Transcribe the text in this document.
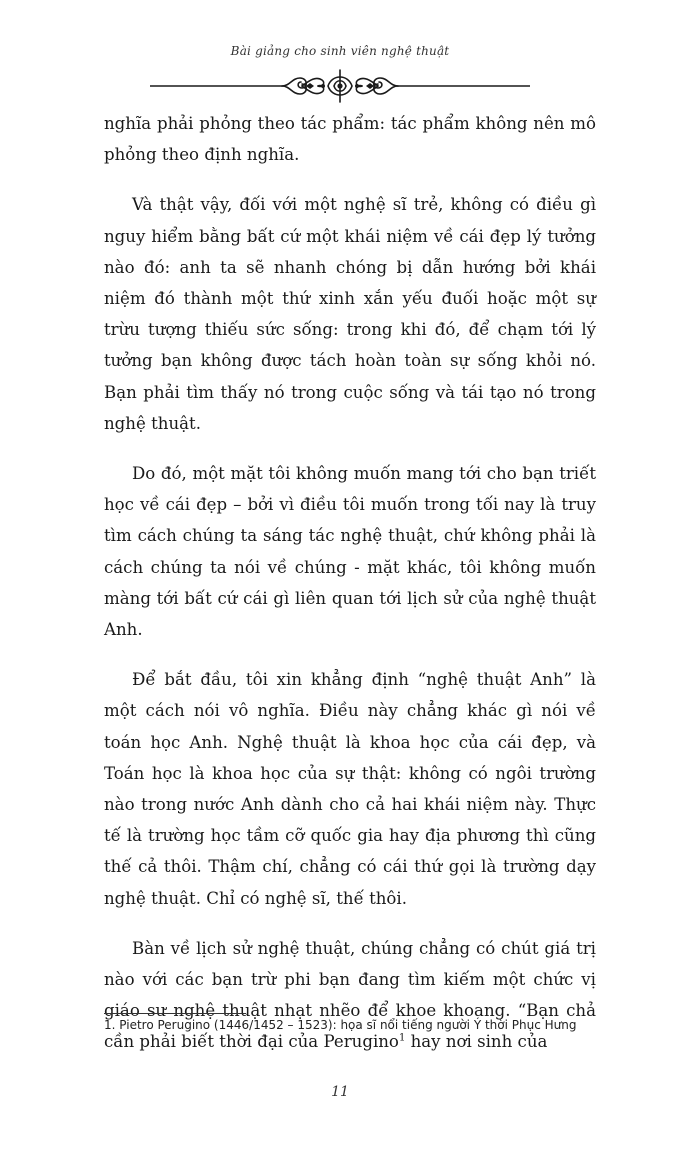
Bài giảng cho sinh viên nghệ thuật

nghĩa phải phỏng theo tác phẩm: tác phẩm không nên mô phỏng theo định nghĩa.

Và thật vậy, đối với một nghệ sĩ trẻ, không có điều gì nguy hiểm bằng bất cứ một khái niệm về cái đẹp lý tưởng nào đó: anh ta sẽ nhanh chóng bị dẫn hướng bởi khái niệm đó thành một thứ xinh xắn yếu đuối hoặc một sự trừu tượng thiếu sức sống: trong khi đó, để chạm tới lý tưởng bạn không được tách hoàn toàn sự sống khỏi nó. Bạn phải tìm thấy nó trong cuộc sống và tái tạo nó trong nghệ thuật.

Do đó, một mặt tôi không muốn mang tới cho bạn triết học về cái đẹp – bởi vì điều tôi muốn trong tối nay là truy tìm cách chúng ta sáng tác nghệ thuật, chứ không phải là cách chúng ta nói về chúng - mặt khác, tôi không muốn màng tới bất cứ cái gì liên quan tới lịch sử của nghệ thuật Anh.

Để bắt đầu, tôi xin khẳng định “nghệ thuật Anh” là một cách nói vô nghĩa. Điều này chẳng khác gì nói về toán học Anh. Nghệ thuật là khoa học của cái đẹp, và Toán học là khoa học của sự thật: không có ngôi trường nào trong nước Anh dành cho cả hai khái niệm này. Thực tế là trường học tầm cỡ quốc gia hay địa phương thì cũng thế cả thôi. Thậm chí, chẳng có cái thứ gọi là trường dạy nghệ thuật. Chỉ có nghệ sĩ, thế thôi.

Bàn về lịch sử nghệ thuật, chúng chẳng có chút giá trị nào với các bạn trừ phi bạn đang tìm kiếm một chức vị giáo sư nghệ thuật nhạt nhẽo để khoe khoang. “Bạn chả cần phải biết thời đại của Perugino$^1$ hay nơi sinh của

1. Pietro Perugino (1446/1452 – 1523): họa sĩ nổi tiếng người Ý thời Phục Hưng
11
